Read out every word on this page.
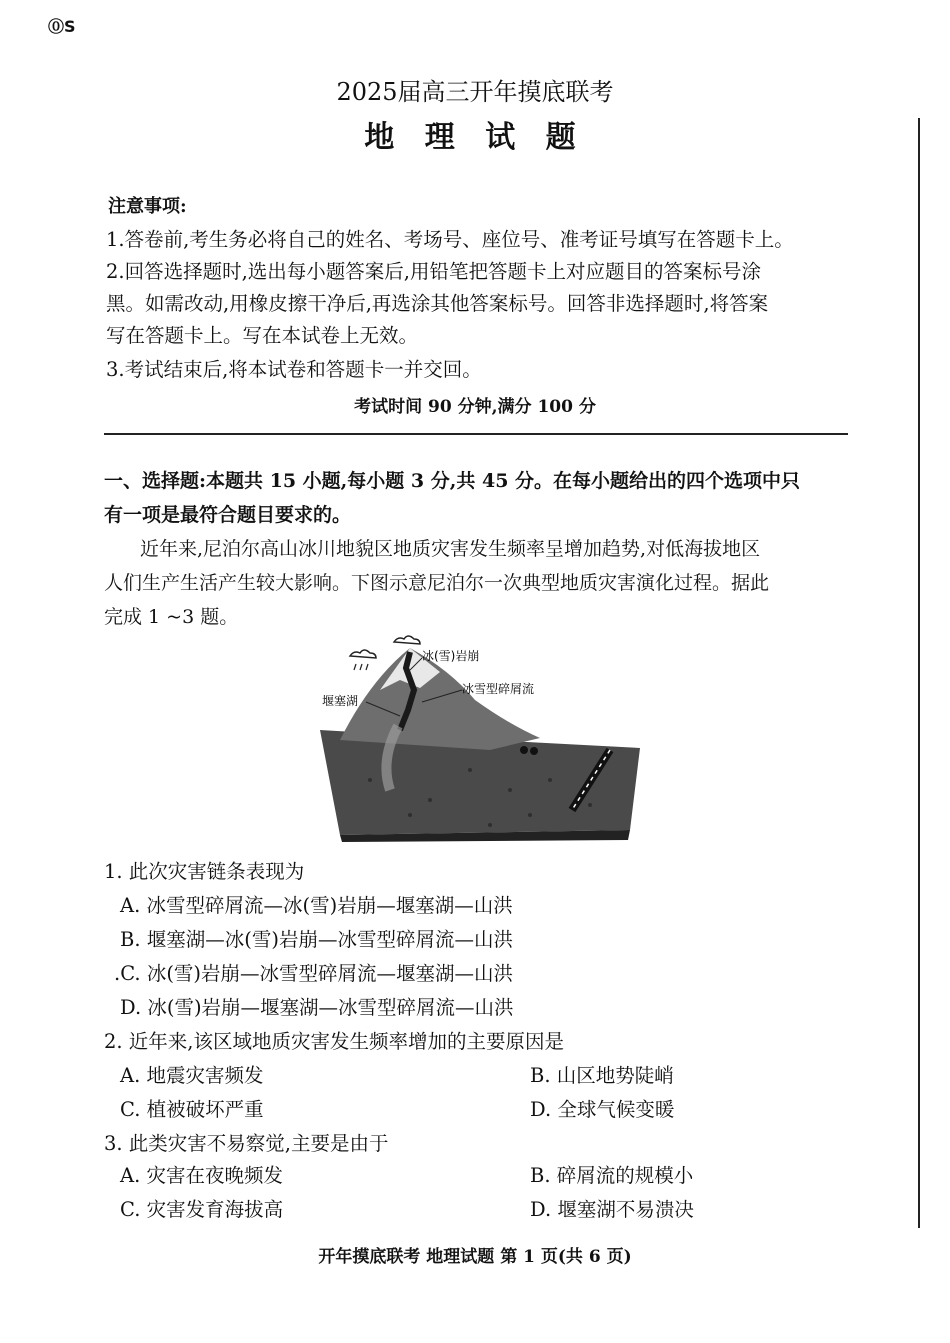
⓪S
2025届高三开年摸底联考
地 理 试 题
注意事项:
1.答卷前,考生务必将自己的姓名、考场号、座位号、准考证号填写在答题卡上。
2.回答选择题时,选出每小题答案后,用铅笔把答题卡上对应题目的答案标号涂
黑。如需改动,用橡皮擦干净后,再选涂其他答案标号。回答非选择题时,将答案
写在答题卡上。写在本试卷上无效。
3.考试结束后,将本试卷和答题卡一并交回。
考试时间 90 分钟,满分 100 分
一、选择题:本题共 15 小题,每小题 3 分,共 45 分。在每小题给出的四个选项中只
有一项是最符合题目要求的。
近年来,尼泊尔高山冰川地貌区地质灾害发生频率呈增加趋势,对低海拔地区
人们生产生活产生较大影响。下图示意尼泊尔一次典型地质灾害演化过程。据此
完成 1 ~3 题。
冰(雪)岩崩
冰雪型碎屑流
堰塞湖
1. 此次灾害链条表现为
A. 冰雪型碎屑流—冰(雪)岩崩—堰塞湖—山洪
B. 堰塞湖—冰(雪)岩崩—冰雪型碎屑流—山洪
.C. 冰(雪)岩崩—冰雪型碎屑流—堰塞湖—山洪
D. 冰(雪)岩崩—堰塞湖—冰雪型碎屑流—山洪
2. 近年来,该区域地质灾害发生频率增加的主要原因是
A. 地震灾害频发	B. 山区地势陡峭
C. 植被破坏严重	D. 全球气候变暖
3. 此类灾害不易察觉,主要是由于
A. 灾害在夜晚频发	B. 碎屑流的规模小
C. 灾害发育海拔高	D. 堰塞湖不易溃决
开年摸底联考 地理试题 第 1 页(共 6 页)
